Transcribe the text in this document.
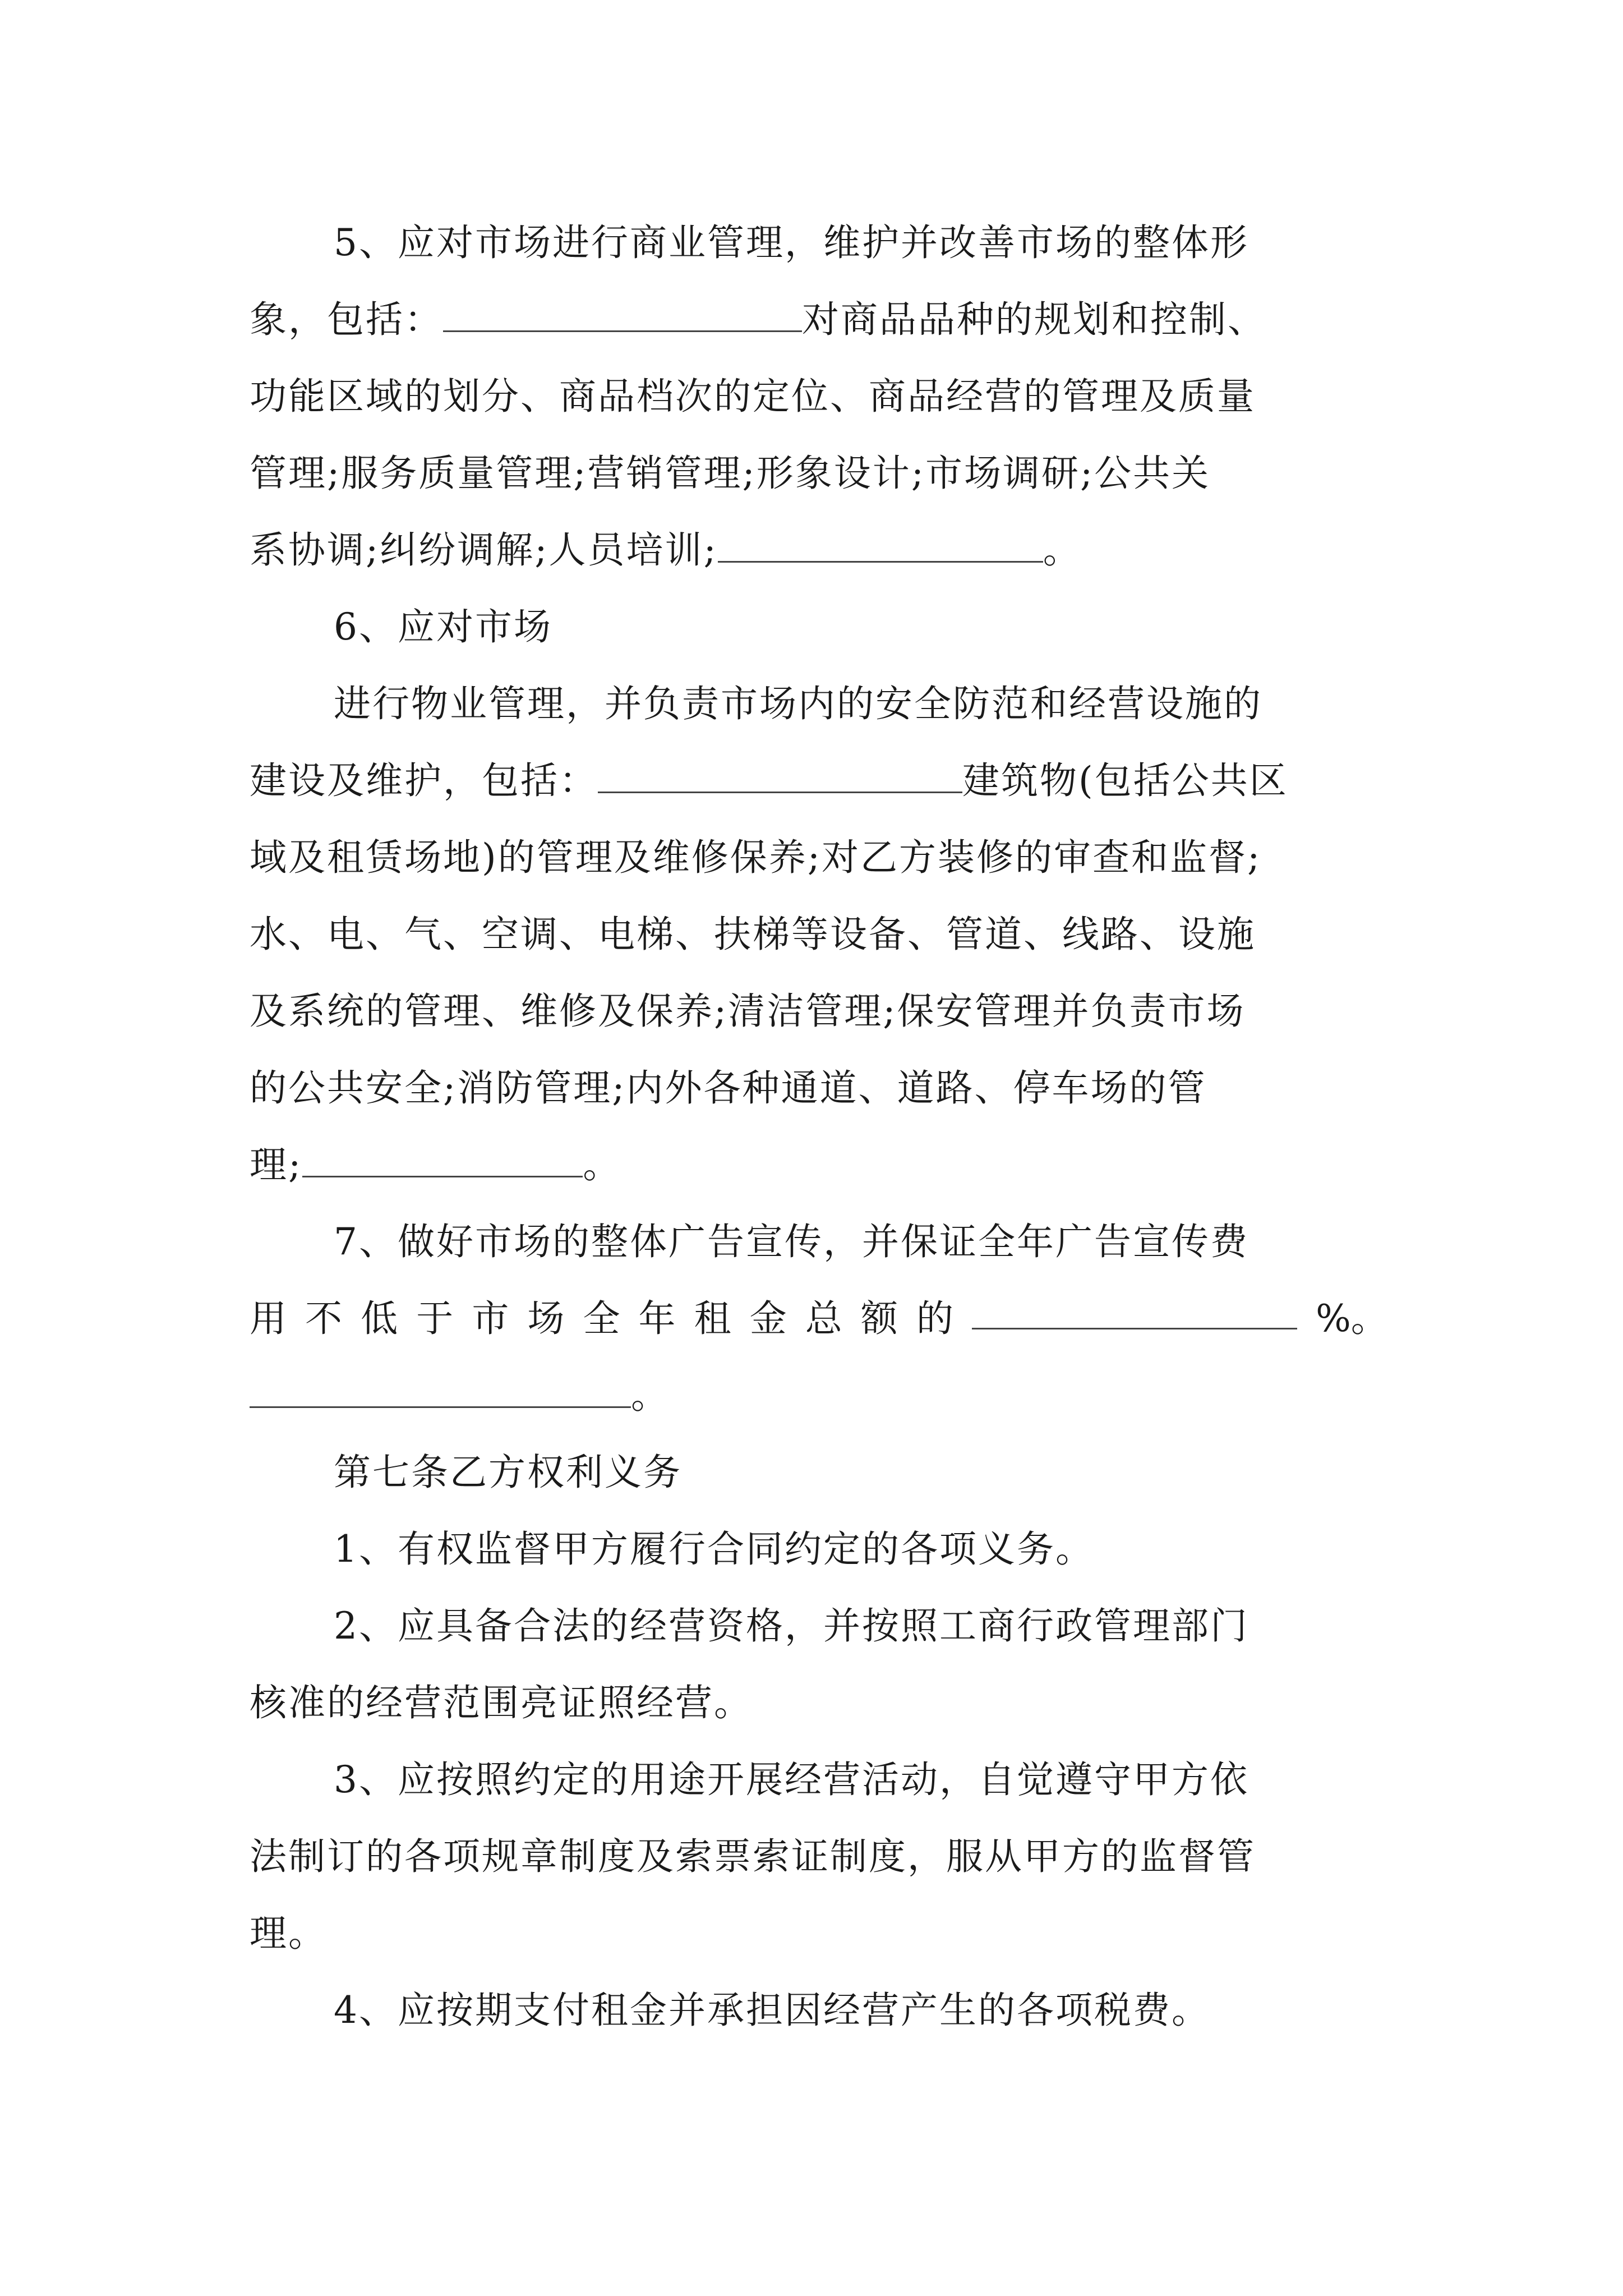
5、应对市场进行商业管理，维护并改善市场的整体形
象，包括：	对商品品种的规划和控制、
功能区域的划分、商品档次的定位、商品经营的管理及质量
管理;服务质量管理;营销管理;形象设计;市场调研;公共关
系协调;纠纷调解;人员培训;	。
6、应对市场
进行物业管理，并负责市场内的安全防范和经营设施的
建设及维护，包括：	建筑物(包括公共区
域及租赁场地)的管理及维修保养;对乙方装修的审查和监督;
水、电、气、空调、电梯、扶梯等设备、管道、线路、设施
及系统的管理、维修及保养;清洁管理;保安管理并负责市场
的公共安全;消防管理;内外各种通道、道路、停车场的管
理;	。
7、做好市场的整体广告宣传，并保证全年广告宣传费
用 不 低 于 市 场 全 年 租 金 总 额 的	%。
。
第七条乙方权利义务
1、有权监督甲方履行合同约定的各项义务。
2、应具备合法的经营资格，并按照工商行政管理部门
核准的经营范围亮证照经营。
3、应按照约定的用途开展经营活动，自觉遵守甲方依
法制订的各项规章制度及索票索证制度，服从甲方的监督管
理。
4、应按期支付租金并承担因经营产生的各项税费。
